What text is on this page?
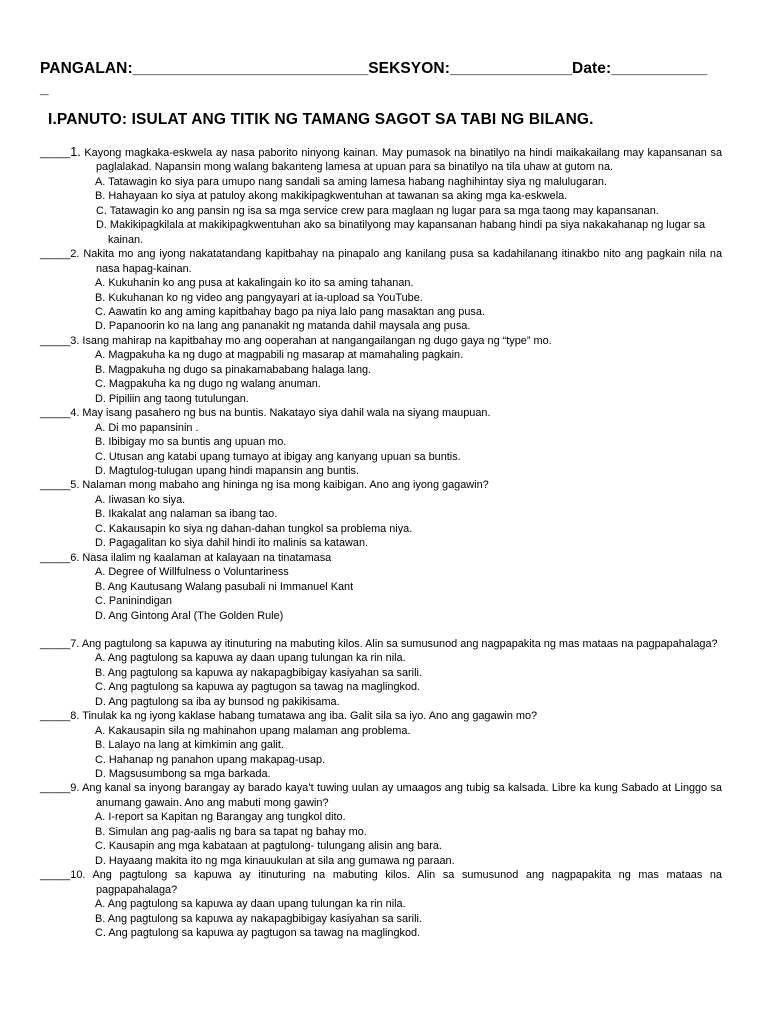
PANGALAN:___________________________SEKSYON:______________Date:___________
_
I.PANUTO: ISULAT ANG TITIK NG TAMANG SAGOT SA TABI NG BILANG.
_____1. Kayong magkaka-eskwela ay nasa paborito ninyong kainan. May pumasok na binatilyo na hindi maikakailang may kapansanan sa paglalakad. Napansin mong walang bakanteng lamesa at upuan para sa binatilyo na tila uhaw at gutom na.
A. Tatawagin ko siya para umupo nang sandali sa aming lamesa habang naghihintay siya ng malulugaran.
B. Hahayaan ko siya at patuloy akong makikipagkwentuhan at tawanan sa aking mga ka-eskwela.
C. Tatawagin ko ang pansin ng isa sa mga service crew para maglaan ng lugar para sa mga taong may kapansanan.
D. Makikipagkilala at makikipagkwentuhan ako sa binatilyong may kapansanan habang hindi pa siya nakakahanap ng lugar sa kainan.
_____2. Nakita mo ang iyong nakatatandang kapitbahay na pinapalo ang kanilang pusa sa kadahilanang itinakbo nito ang pagkain nila na nasa hapag-kainan.
A. Kukuhanin ko ang pusa at kakalingain ko ito sa aming tahanan.
B. Kukuhanan ko ng video ang pangyayari at ia-upload sa YouTube.
C. Aawatin ko ang aming kapitbahay bago pa niya lalo pang masaktan ang pusa.
D. Papanoorin ko na lang ang pananakit ng matanda dahil maysala ang pusa.
_____3. Isang mahirap na kapitbahay mo ang ooperahan at nangangailangan ng dugo gaya ng “type” mo.
A. Magpakuha ka ng dugo at magpabili ng masarap at mamahaling pagkain.
B. Magpakuha ng dugo sa pinakamababang halaga lang.
C. Magpakuha ka ng dugo ng walang anuman.
D. Pipiliin ang taong tutulungan.
_____4. May isang pasahero ng bus na buntis. Nakatayo siya dahil wala na siyang maupuan.
A. Di mo papansinin .
B. Ibibigay mo sa buntis ang upuan mo.
C. Utusan ang katabi upang tumayo at ibigay ang kanyang upuan sa buntis.
D. Magtulog-tulugan upang hindi mapansin ang buntis.
_____5. Nalaman mong mabaho ang hininga ng isa mong kaibigan. Ano ang iyong gagawin?
A. Iiwasan ko siya.
B. Ikakalat ang nalaman sa ibang tao.
C. Kakausapin ko siya ng dahan-dahan tungkol sa problema niya.
D. Pagagalitan ko siya dahil hindi ito malinis sa katawan.
_____6. Nasa ilalim ng kaalaman at kalayaan na tinatamasa
A. Degree of Willfulness o Voluntariness
B. Ang Kautusang Walang pasubali ni Immanuel Kant
C. Paninindigan
D. Ang Gintong Aral (The Golden Rule)
_____7. Ang pagtulong sa kapuwa ay itinuturing na mabuting kilos. Alin sa sumusunod ang nagpapakita ng mas mataas na pagpapahalaga?
A. Ang pagtulong sa kapuwa ay daan upang tulungan ka rin nila.
B. Ang pagtulong sa kapuwa ay nakapagbibigay kasiyahan sa sarili.
C. Ang pagtulong sa kapuwa ay pagtugon sa tawag na maglingkod.
D. Ang pagtulong sa iba ay bunsod ng pakikisama.
_____8. Tinulak ka ng iyong kaklase habang tumatawa ang iba. Galit sila sa iyo. Ano ang gagawin mo?
A. Kakausapin sila ng mahinahon upang malaman ang problema.
B. Lalayo na lang at kimkimin ang galit.
C. Hahanap ng panahon upang makapag-usap.
D. Magsusumbong sa mga barkada.
_____9. Ang kanal sa inyong barangay ay barado kaya’t tuwing uulan ay umaagos ang tubig sa kalsada. Libre ka kung Sabado at Linggo sa anumang gawain. Ano ang mabuti mong gawin?
A. I-report sa Kapitan ng Barangay ang tungkol dito.
B. Simulan ang pag-aalis ng bara sa tapat ng bahay mo.
C. Kausapin ang mga kabataan at pagtulong- tulungang alisin ang bara.
D. Hayaang makita ito ng mga kinauukulan at sila ang gumawa ng paraan.
_____10. Ang pagtulong sa kapuwa ay itinuturing na mabuting kilos. Alin sa sumusunod ang nagpapakita ng mas mataas na pagpapahalaga?
A. Ang pagtulong sa kapuwa ay daan upang tulungan ka rin nila.
B. Ang pagtulong sa kapuwa ay nakapagbibigay kasiyahan sa sarili.
C. Ang pagtulong sa kapuwa ay pagtugon sa tawag na maglingkod.
